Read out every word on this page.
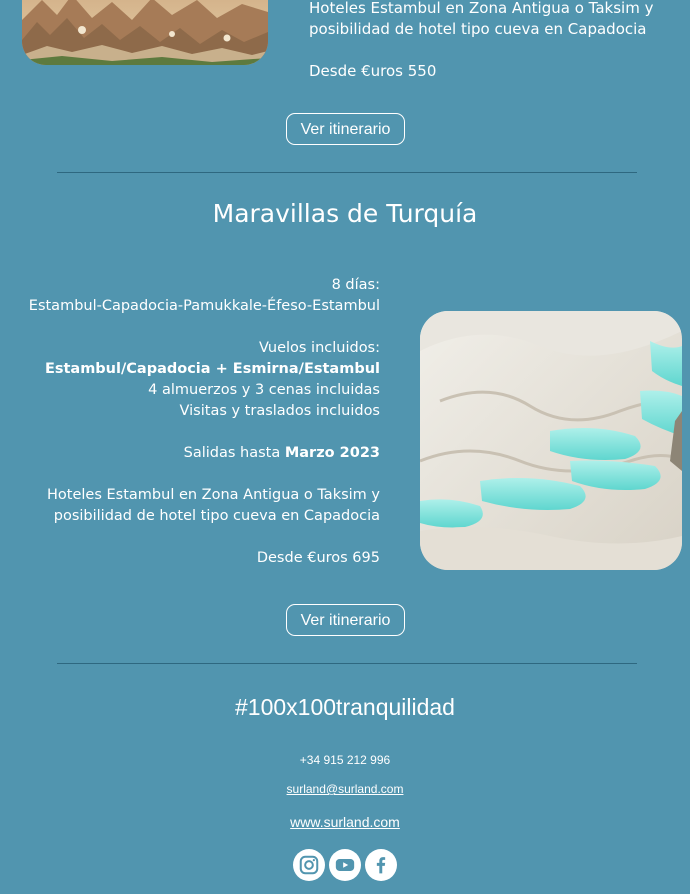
Hoteles Estambul en Zona Antigua o Taksim y

posibilidad de hotel tipo cueva en Capadocia

Desde €uros 550

Ver itinerario
Maravillas de Turquía

8 días:

Estambul-Capadocia-Pamukkale-Éfeso-Estambul

Vuelos incluidos:

Estambul/Capadocia + Esmirna/Estambul

4 almuerzos y 3 cenas incluidas

Visitas y traslados incluidos

Salidas hasta Marzo 2023

Hoteles Estambul en Zona Antigua o Taksim y

posibilidad de hotel tipo cueva en Capadocia

Desde €uros 695

Ver itinerario
#100x100tranquilidad
+34 915 212 996
surland@surland.com
www.surland.com
